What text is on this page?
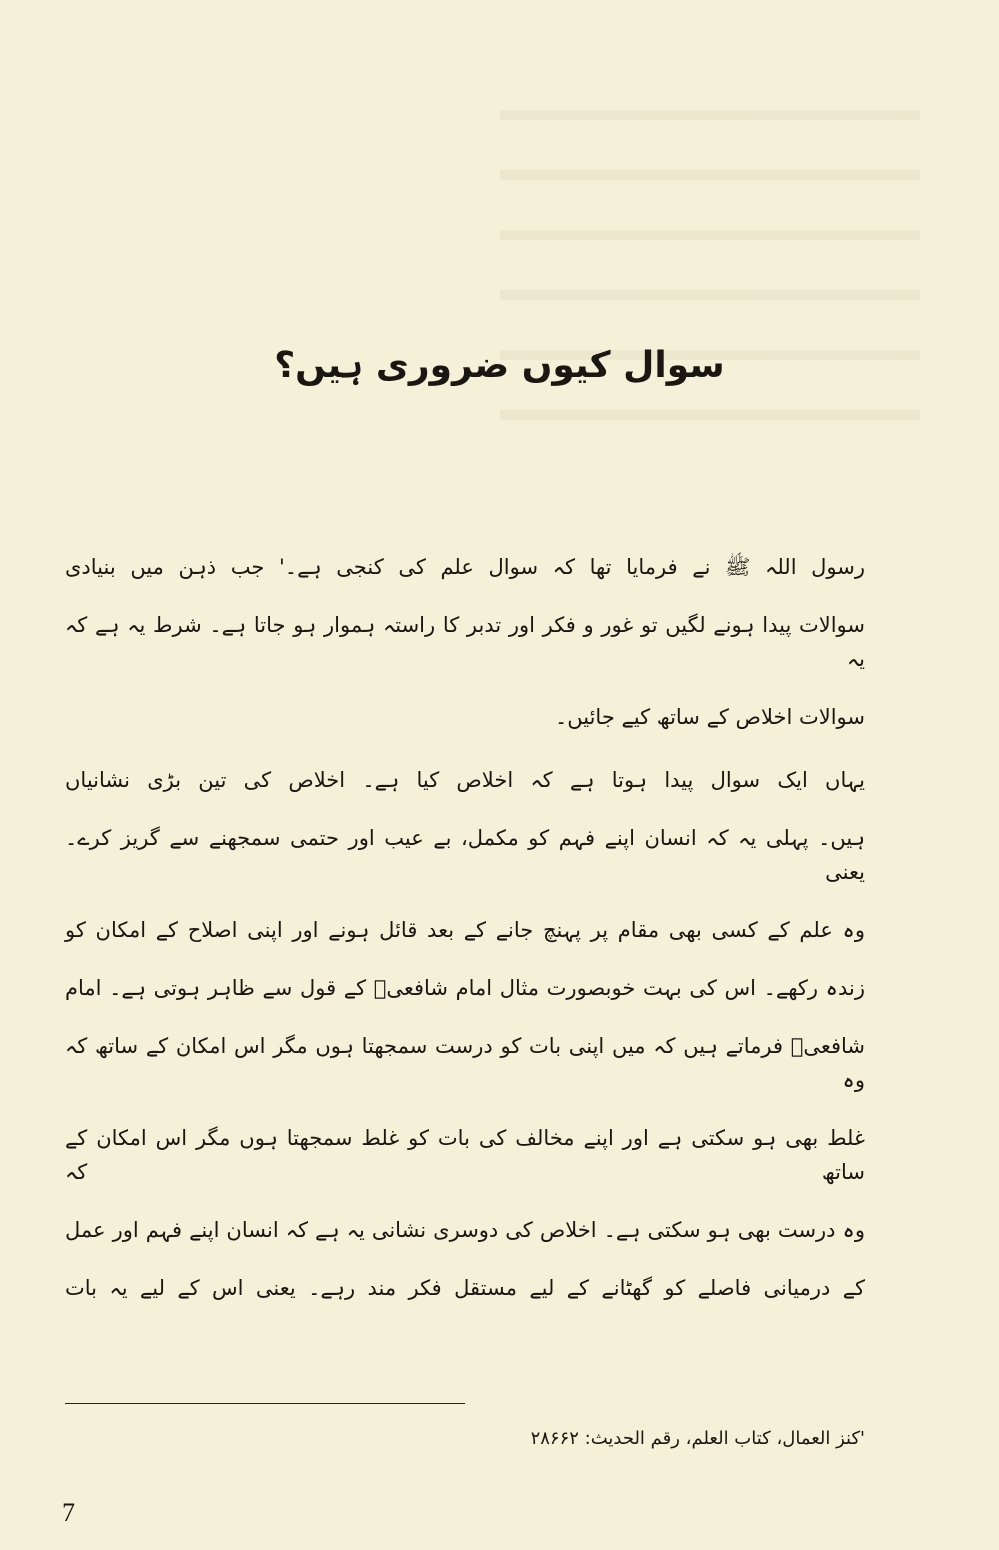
سوال کیوں ضروری ہیں؟
رسول اللہ ﷺ نے فرمایا تھا کہ سوال علم کی کنجی ہے۔' جب ذہن میں بنیادی
سوالات پیدا ہونے لگیں تو غور و فکر اور تدبر کا راستہ ہموار ہو جاتا ہے۔ شرط یہ ہے کہ یہ
سوالات اخلاص کے ساتھ کیے جائیں۔
یہاں ایک سوال پیدا ہوتا ہے کہ اخلاص کیا ہے۔ اخلاص کی تین بڑی نشانیاں
ہیں۔ پہلی یہ کہ انسان اپنے فہم کو مکمل، بے عیب اور حتمی سمجھنے سے گریز کرے۔ یعنی
وہ علم کے کسی بھی مقام پر پہنچ جانے کے بعد قائل ہونے اور اپنی اصلاح کے امکان کو
زندہ رکھے۔ اس کی بہت خوبصورت مثال امام شافعیؒ کے قول سے ظاہر ہوتی ہے۔ امام
شافعیؒ فرماتے ہیں کہ میں اپنی بات کو درست سمجھتا ہوں مگر اس امکان کے ساتھ کہ وہ
غلط بھی ہو سکتی ہے اور اپنے مخالف کی بات کو غلط سمجھتا ہوں مگر اس امکان کے ساتھ کہ
وہ درست بھی ہو سکتی ہے۔ اخلاص کی دوسری نشانی یہ ہے کہ انسان اپنے فہم اور عمل
کے درمیانی فاصلے کو گھٹانے کے لیے مستقل فکر مند رہے۔ یعنی اس کے لیے یہ بات
'کنز العمال، کتاب العلم، رقم الحدیث: ۲۸۶۶۲
7
